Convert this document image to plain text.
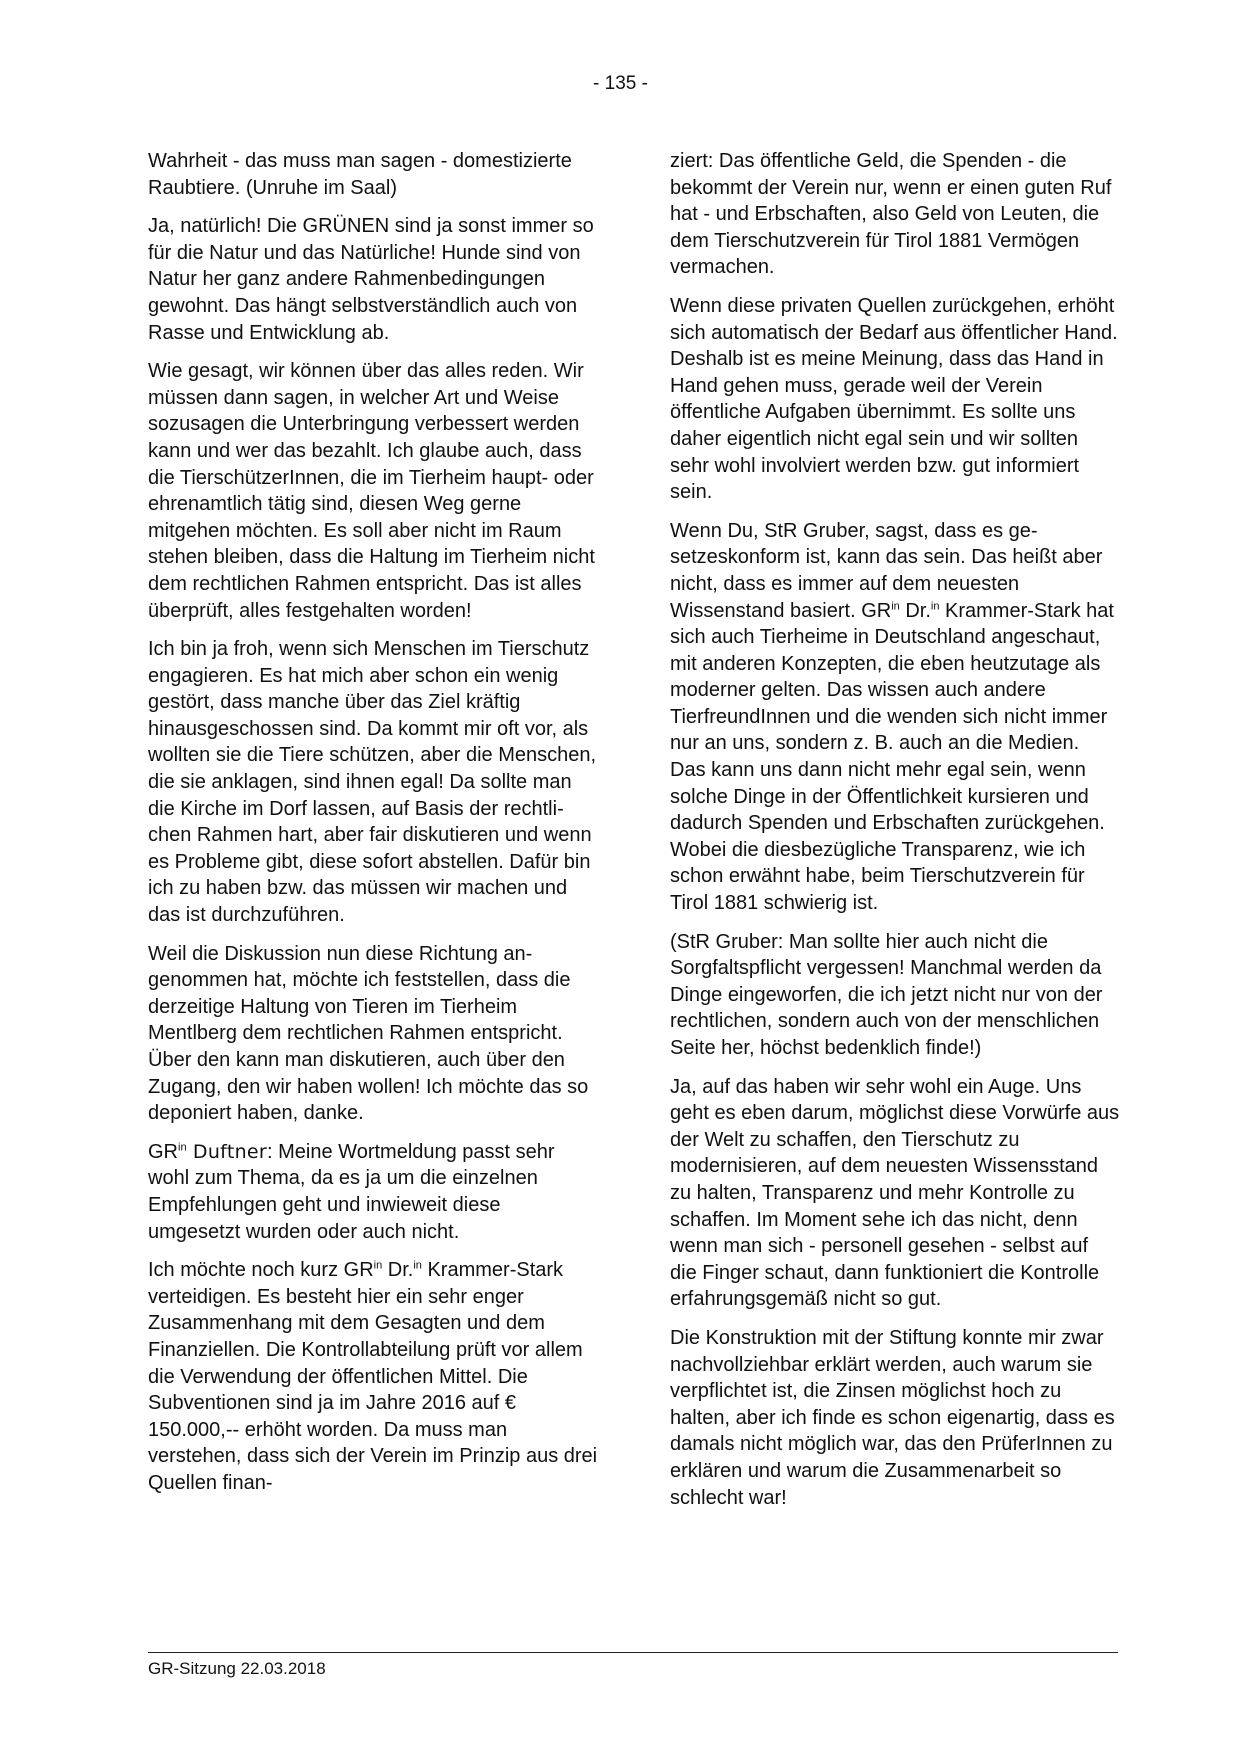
- 135 -

Wahrheit - das muss man sagen - domestizierte Raubtiere. (Unruhe im Saal)

Ja, natürlich! Die GRÜNEN sind ja sonst immer so für die Natur und das Natürliche! Hunde sind von Natur her ganz andere Rahmenbedingungen gewohnt. Das hängt selbstverständlich auch von Rasse und Entwicklung ab.

Wie gesagt, wir können über das alles reden. Wir müssen dann sagen, in welcher Art und Weise sozusagen die Unterbringung verbessert werden kann und wer das bezahlt. Ich glaube auch, dass die TierschützerInnen, die im Tierheim haupt- oder ehrenamtlich tätig sind, diesen Weg gerne mitgehen möchten. Es soll aber nicht im Raum stehen bleiben, dass die Haltung im Tierheim nicht dem rechtlichen Rahmen entspricht. Das ist alles überprüft, alles festgehalten worden!

Ich bin ja froh, wenn sich Menschen im Tierschutz engagieren. Es hat mich aber schon ein wenig gestört, dass manche über das Ziel kräftig hinausgeschossen sind. Da kommt mir oft vor, als wollten sie die Tiere schützen, aber die Menschen, die sie anklagen, sind ihnen egal! Da sollte man die Kirche im Dorf lassen, auf Basis der rechtlichen Rahmen hart, aber fair diskutieren und wenn es Probleme gibt, diese sofort abstellen. Dafür bin ich zu haben bzw. das müssen wir machen und das ist durchzuführen.

Weil die Diskussion nun diese Richtung angenommen hat, möchte ich feststellen, dass die derzeitige Haltung von Tieren im Tierheim Mentlberg dem rechtlichen Rahmen entspricht. Über den kann man diskutieren, auch über den Zugang, den wir haben wollen! Ich möchte das so deponiert haben, danke.

$GR^{in}$ Duftner: Meine Wortmeldung passt sehr wohl zum Thema, da es ja um die einzelnen Empfehlungen geht und inwieweit diese umgesetzt wurden oder auch nicht.

Ich möchte noch kurz $GR^{in}$ Dr.$^{in}$ Krammer-Stark verteidigen. Es besteht hier ein sehr enger Zusammenhang mit dem Gesagten und dem Finanziellen. Die Kontrollabteilung prüft vor allem die Verwendung der öffentlichen Mittel. Die Subventionen sind ja im Jahre 2016 auf € 150.000,-- erhöht worden. Da muss man verstehen, dass sich der Verein im Prinzip aus drei Quellen finan-

ziert: Das öffentliche Geld, die Spenden - die bekommt der Verein nur, wenn er einen guten Ruf hat - und Erbschaften, also Geld von Leuten, die dem Tierschutzverein für Tirol 1881 Vermögen vermachen.

Wenn diese privaten Quellen zurückgehen, erhöht sich automatisch der Bedarf aus öffentlicher Hand. Deshalb ist es meine Meinung, dass das Hand in Hand gehen muss, gerade weil der Verein öffentliche Aufgaben übernimmt. Es sollte uns daher eigentlich nicht egal sein und wir sollten sehr wohl involviert werden bzw. gut informiert sein.

Wenn Du, StR Gruber, sagst, dass es gesetzeskonform ist, kann das sein. Das heißt aber nicht, dass es immer auf dem neuesten Wissenstand basiert. $GR^{in}$ Dr.$^{in}$ Krammer-Stark hat sich auch Tierheime in Deutschland angeschaut, mit anderen Konzepten, die eben heutzutage als moderner gelten. Das wissen auch andere TierfreundInnen und die wenden sich nicht immer nur an uns, sondern z. B. auch an die Medien. Das kann uns dann nicht mehr egal sein, wenn solche Dinge in der Öffentlichkeit kursieren und dadurch Spenden und Erbschaften zurückgehen. Wobei die diesbezügliche Transparenz, wie ich schon erwähnt habe, beim Tierschutzverein für Tirol 1881 schwierig ist.

(StR Gruber: Man sollte hier auch nicht die Sorgfaltspflicht vergessen! Manchmal werden da Dinge eingeworfen, die ich jetzt nicht nur von der rechtlichen, sondern auch von der menschlichen Seite her, höchst bedenklich finde!)

Ja, auf das haben wir sehr wohl ein Auge. Uns geht es eben darum, möglichst diese Vorwürfe aus der Welt zu schaffen, den Tierschutz zu modernisieren, auf dem neuesten Wissensstand zu halten, Transparenz und mehr Kontrolle zu schaffen. Im Moment sehe ich das nicht, denn wenn man sich - personell gesehen - selbst auf die Finger schaut, dann funktioniert die Kontrolle erfahrungsgemäß nicht so gut.

Die Konstruktion mit der Stiftung konnte mir zwar nachvollziehbar erklärt werden, auch warum sie verpflichtet ist, die Zinsen möglichst hoch zu halten, aber ich finde es schon eigenartig, dass es damals nicht möglich war, das den PrüferInnen zu erklären und warum die Zusammenarbeit so schlecht war!

GR-Sitzung 22.03.2018
